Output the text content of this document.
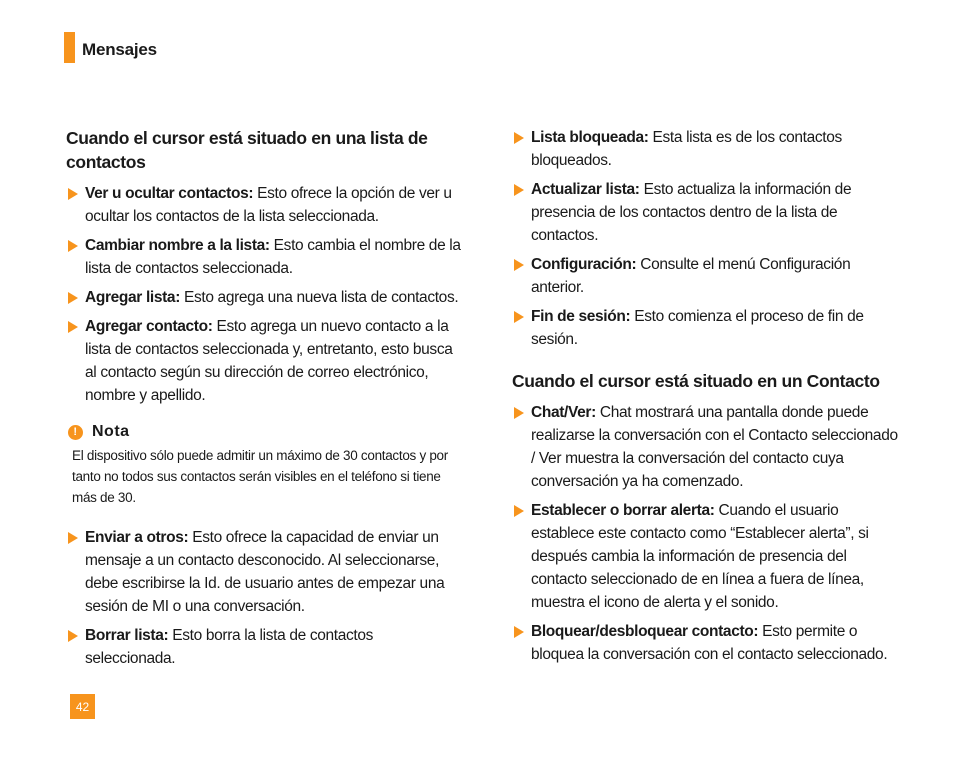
Mensajes
Cuando el cursor está situado en una lista de contactos
Ver u ocultar contactos: Esto ofrece la opción de ver u ocultar los contactos de la lista seleccionada.
Cambiar nombre a la lista: Esto cambia el nombre de la lista de contactos seleccionada.
Agregar lista: Esto agrega una nueva lista de contactos.
Agregar contacto: Esto agrega un nuevo contacto a la lista de contactos seleccionada y, entretanto, esto busca al contacto según su dirección de correo electrónico, nombre y apellido.
! Nota
El dispositivo sólo puede admitir un máximo de 30 contactos y por tanto no todos sus contactos serán visibles en el teléfono si tiene más de 30.
Enviar a otros: Esto ofrece la capacidad de enviar un mensaje a un contacto desconocido. Al seleccionarse, debe escribirse la Id. de usuario antes de empezar una sesión de MI o una conversación.
Borrar lista: Esto borra la lista de contactos seleccionada.
Lista bloqueada: Esta lista es de los contactos bloqueados.
Actualizar lista: Esto actualiza la información de presencia de los contactos dentro de la lista de contactos.
Configuración: Consulte el menú Configuración anterior.
Fin de sesión: Esto comienza el proceso de fin de sesión.
Cuando el cursor está situado en un Contacto
Chat/Ver: Chat mostrará una pantalla donde puede realizarse la conversación con el Contacto seleccionado / Ver muestra la conversación del contacto cuya conversación ya ha comenzado.
Establecer o borrar alerta: Cuando el usuario establece este contacto como “Establecer alerta”, si después cambia la información de presencia del contacto seleccionado de en línea a fuera de línea, muestra el icono de alerta y el sonido.
Bloquear/desbloquear contacto: Esto permite o bloquea la conversación con el contacto seleccionado.
42
